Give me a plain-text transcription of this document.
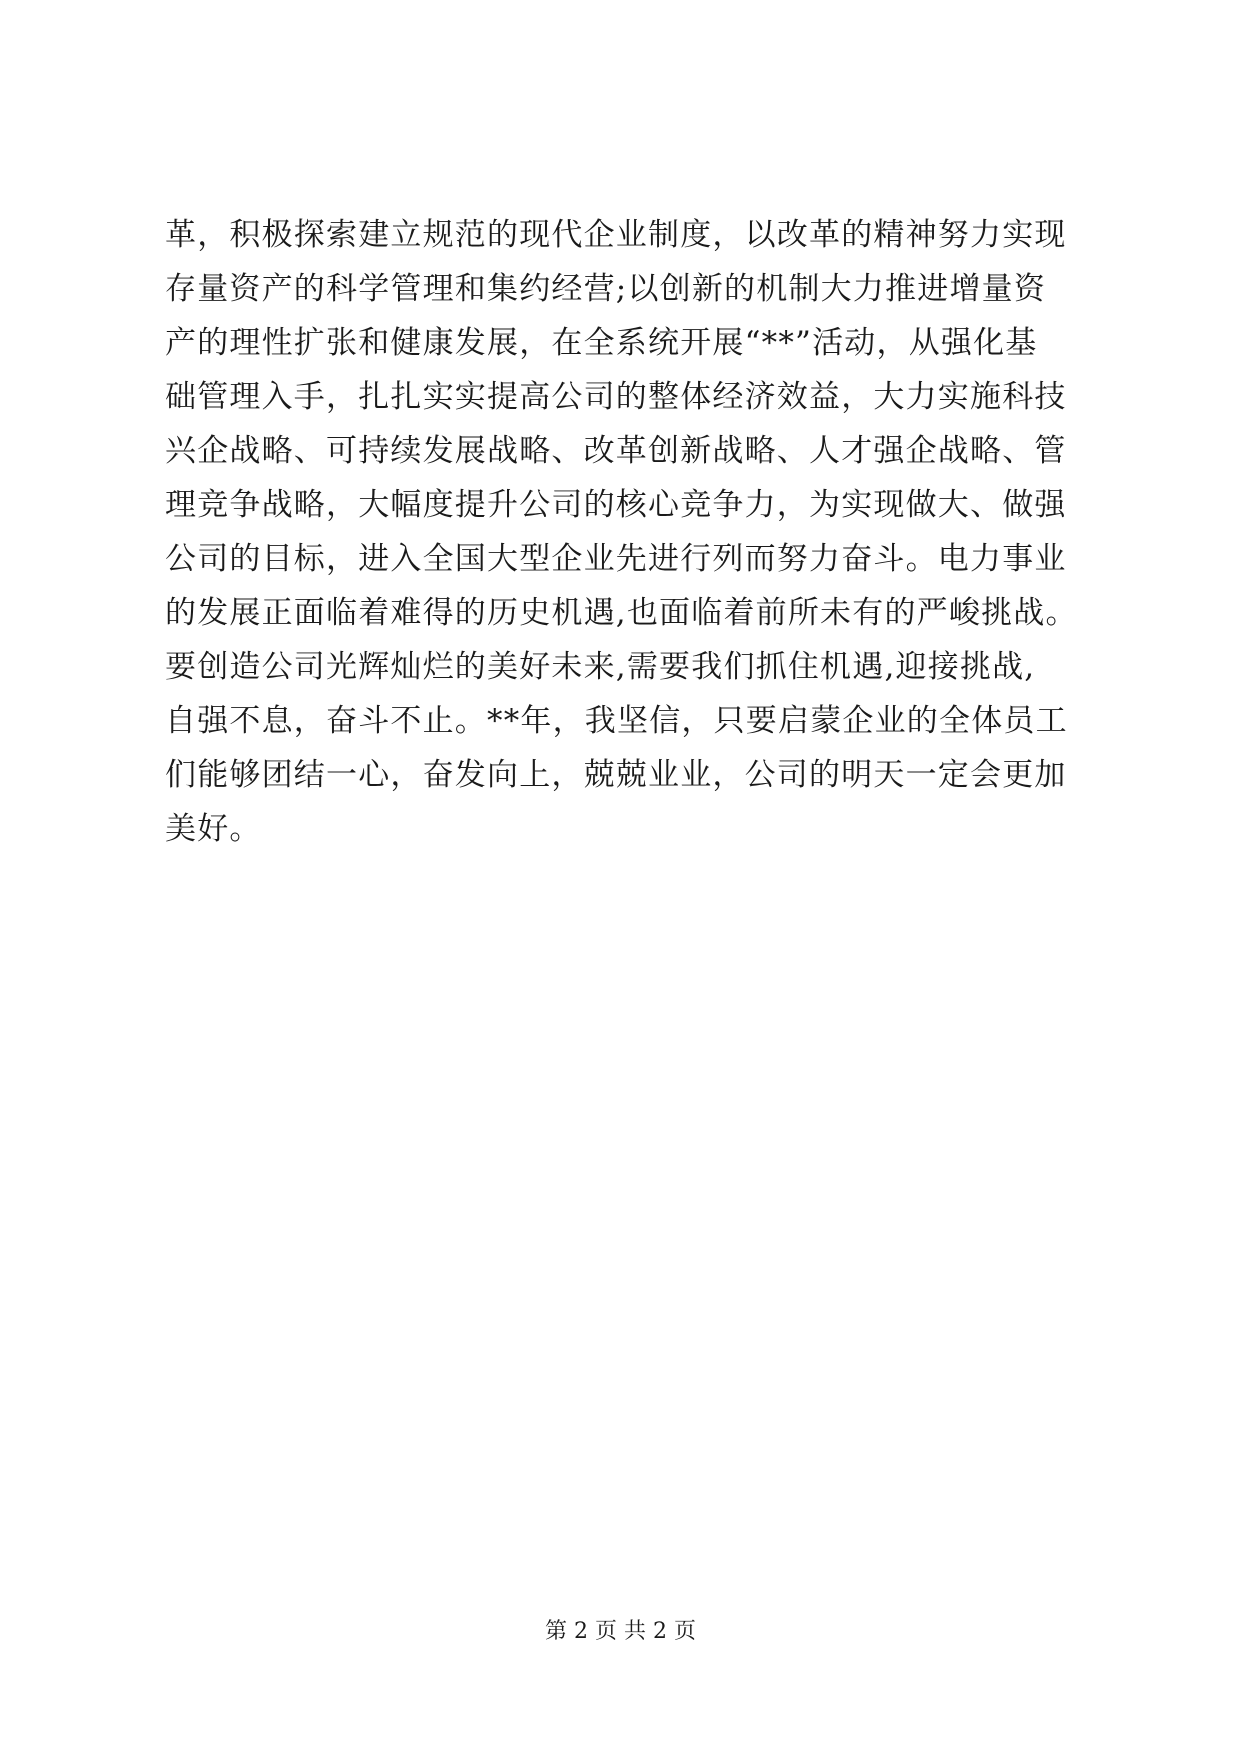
革，积极探索建立规范的现代企业制度，以改革的精神努力实现
存量资产的科学管理和集约经营;以创新的机制大力推进增量资
产的理性扩张和健康发展，在全系统开展“**”活动，从强化基
础管理入手，扎扎实实提高公司的整体经济效益，大力实施科技
兴企战略、可持续发展战略、改革创新战略、人才强企战略、管
理竞争战略，大幅度提升公司的核心竞争力，为实现做大、做强
公司的目标，进入全国大型企业先进行列而努力奋斗。电力事业
的发展正面临着难得的历史机遇,也面临着前所未有的严峻挑战。
要创造公司光辉灿烂的美好未来,需要我们抓住机遇,迎接挑战,
自强不息，奋斗不止。**年，我坚信，只要启蒙企业的全体员工
们能够团结一心，奋发向上，兢兢业业，公司的明天一定会更加
美好。
第 2 页 共 2 页
